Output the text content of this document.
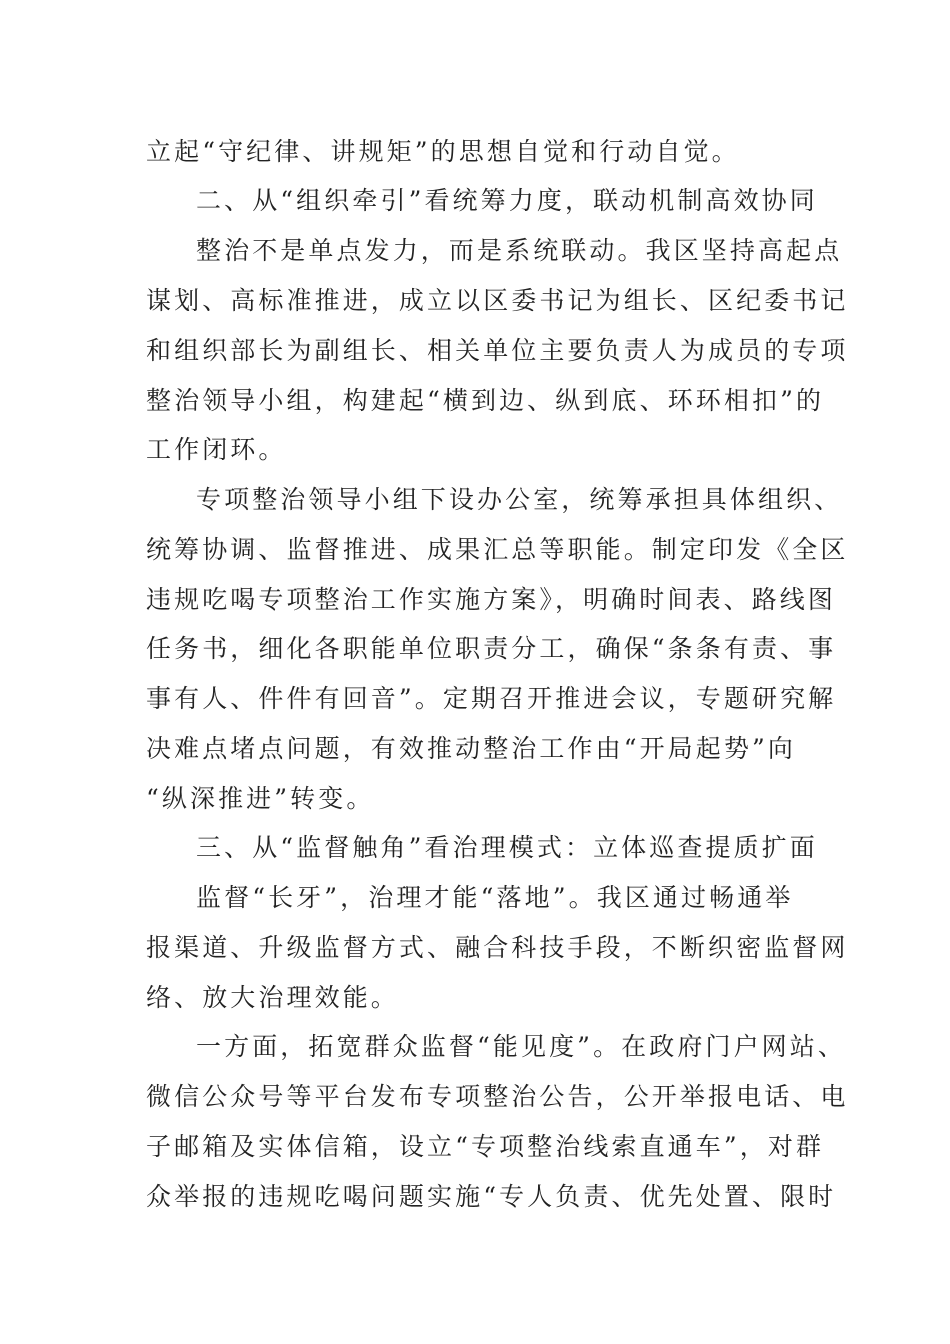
立起“守纪律、讲规矩”的思想自觉和行动自觉。
二、从“组织牵引”看统筹力度，联动机制高效协同
整治不是单点发力，而是系统联动。我区坚持高起点
谋划、高标准推进，成立以区委书记为组长、区纪委书记
和组织部长为副组长、相关单位主要负责人为成员的专项
整治领导小组，构建起“横到边、纵到底、环环相扣”的
工作闭环。
专项整治领导小组下设办公室，统筹承担具体组织、
统筹协调、监督推进、成果汇总等职能。制定印发《全区
违规吃喝专项整治工作实施方案》，明确时间表、路线图
任务书，细化各职能单位职责分工，确保“条条有责、事
事有人、件件有回音”。定期召开推进会议，专题研究解
决难点堵点问题，有效推动整治工作由“开局起势”向
“纵深推进”转变。
三、从“监督触角”看治理模式：立体巡查提质扩面
监督“长牙”，治理才能“落地”。我区通过畅通举
报渠道、升级监督方式、融合科技手段，不断织密监督网
络、放大治理效能。
一方面，拓宽群众监督“能见度”。在政府门户网站、
微信公众号等平台发布专项整治公告，公开举报电话、电
子邮箱及实体信箱，设立“专项整治线索直通车”，对群
众举报的违规吃喝问题实施“专人负责、优先处置、限时
